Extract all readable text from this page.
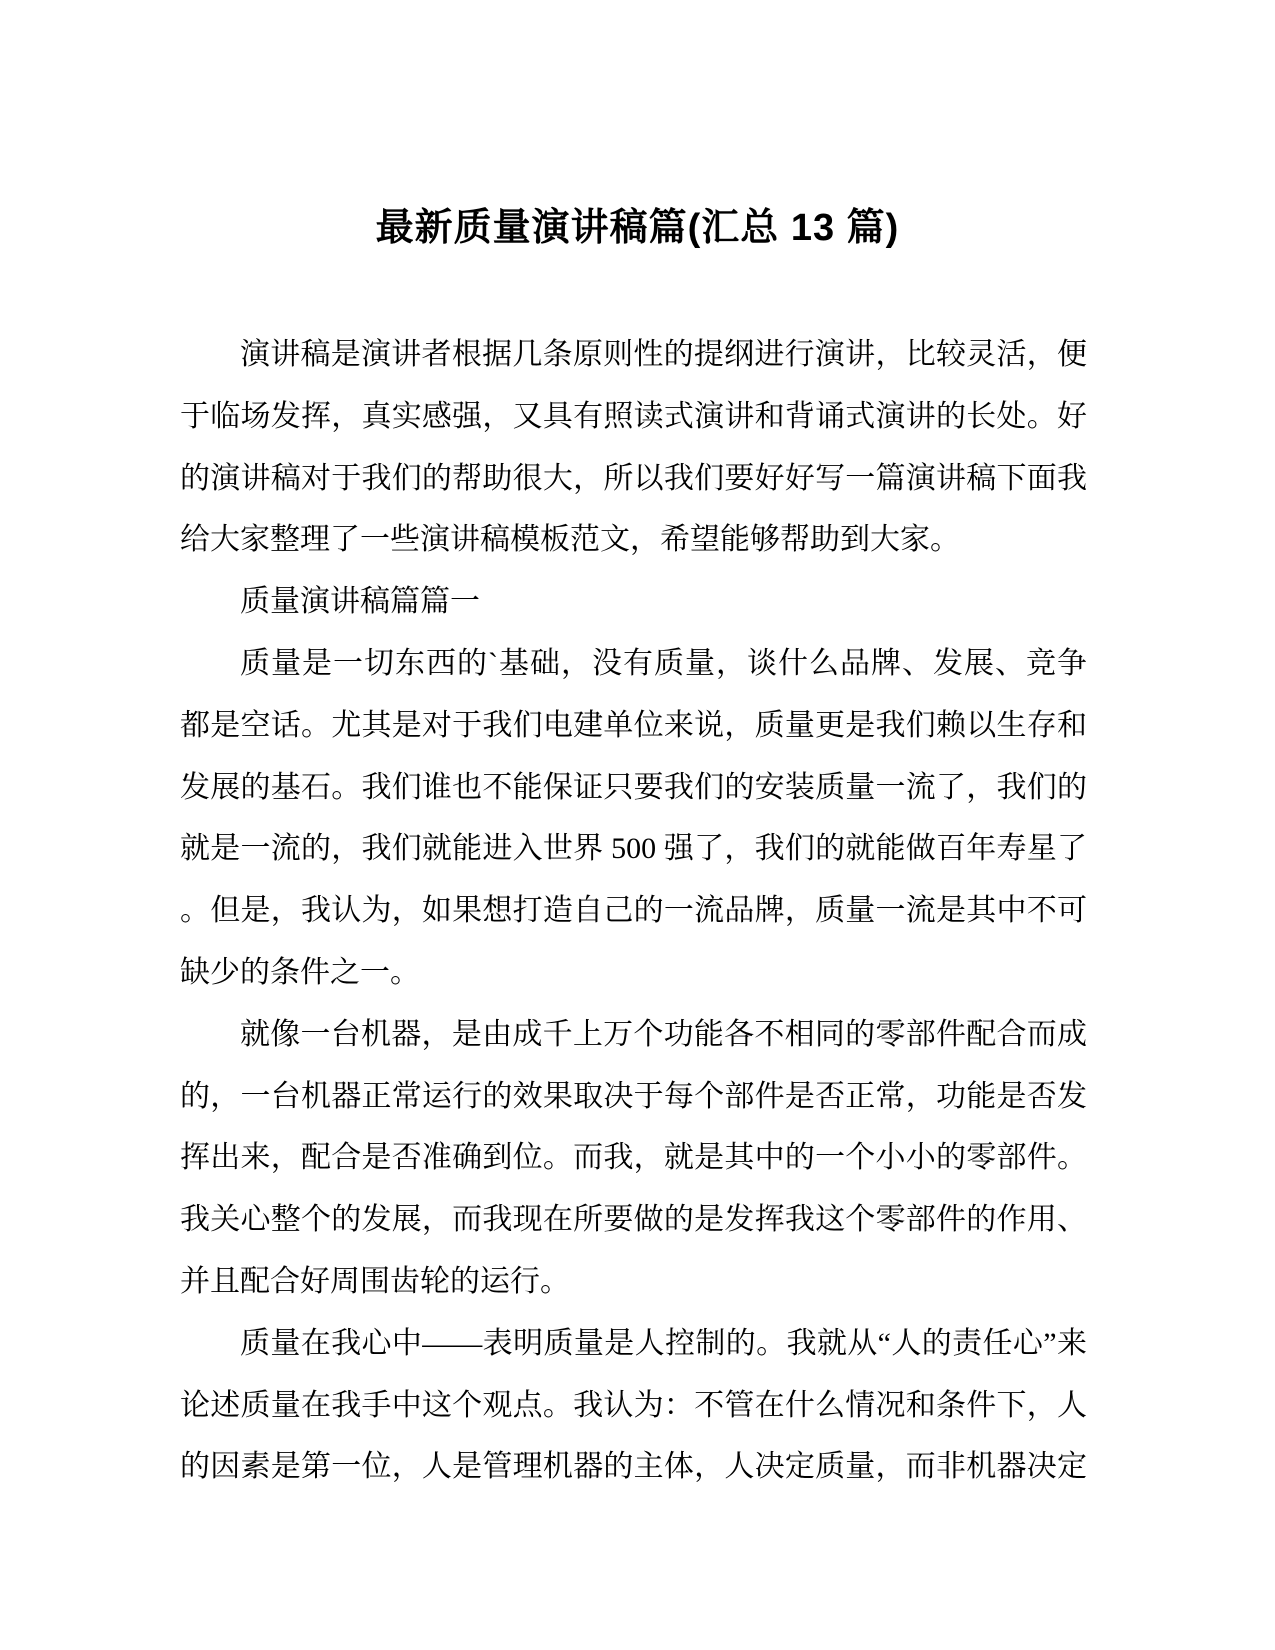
最新质量演讲稿篇(汇总 13 篇)
演讲稿是演讲者根据几条原则性的提纲进行演讲，比较灵活，便
于临场发挥，真实感强，又具有照读式演讲和背诵式演讲的长处。好
的演讲稿对于我们的帮助很大，所以我们要好好写一篇演讲稿下面我
给大家整理了一些演讲稿模板范文，希望能够帮助到大家。
质量演讲稿篇篇一
质量是一切东西的`基础，没有质量，谈什么品牌、发展、竞争
都是空话。尤其是对于我们电建单位来说，质量更是我们赖以生存和
发展的基石。我们谁也不能保证只要我们的安装质量一流了，我们的
就是一流的，我们就能进入世界 500 强了，我们的就能做百年寿星了
。但是，我认为，如果想打造自己的一流品牌，质量一流是其中不可
缺少的条件之一。
就像一台机器，是由成千上万个功能各不相同的零部件配合而成
的，一台机器正常运行的效果取决于每个部件是否正常，功能是否发
挥出来，配合是否准确到位。而我，就是其中的一个小小的零部件。
我关心整个的发展，而我现在所要做的是发挥我这个零部件的作用、
并且配合好周围齿轮的运行。
质量在我心中——表明质量是人控制的。我就从“人的责任心”来
论述质量在我手中这个观点。我认为：不管在什么情况和条件下，人
的因素是第一位，人是管理机器的主体，人决定质量，而非机器决定
